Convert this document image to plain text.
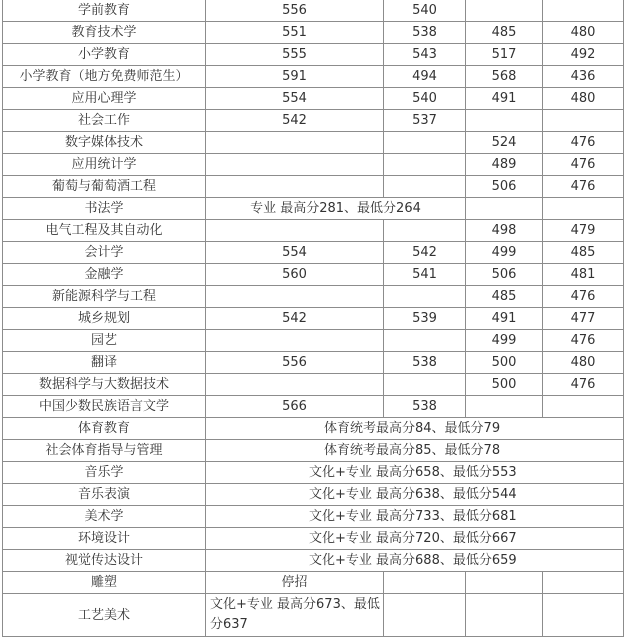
学前教育	556	540		
教育技术学	551	538	485	480
小学教育	555	543	517	492
小学教育（地方免费师范生）	591	494	568	436
应用心理学	554	540	491	480
社会工作	542	537		
数字媒体技术			524	476
应用统计学			489	476
葡萄与葡萄酒工程			506	476
书法学	专业 最高分281、最低分264			
电气工程及其自动化			498	479
会计学	554	542	499	485
金融学	560	541	506	481
新能源科学与工程			485	476
城乡规划	542	539	491	477
园艺			499	476
翻译	556	538	500	480
数据科学与大数据技术			500	476
中国少数民族语言文学	566	538		
体育教育	体育统考最高分84、最低分79			
社会体育指导与管理	体育统考最高分85、最低分78			
音乐学	文化+专业 最高分658、最低分553			
音乐表演	文化+专业 最高分638、最低分544			
美术学	文化+专业 最高分733、最低分681			
环境设计	文化+专业 最高分720、最低分667			
视觉传达设计	文化+专业 最高分688、最低分659			
雕塑	停招			
工艺美术	文化+专业 最高分673、最低分637			
